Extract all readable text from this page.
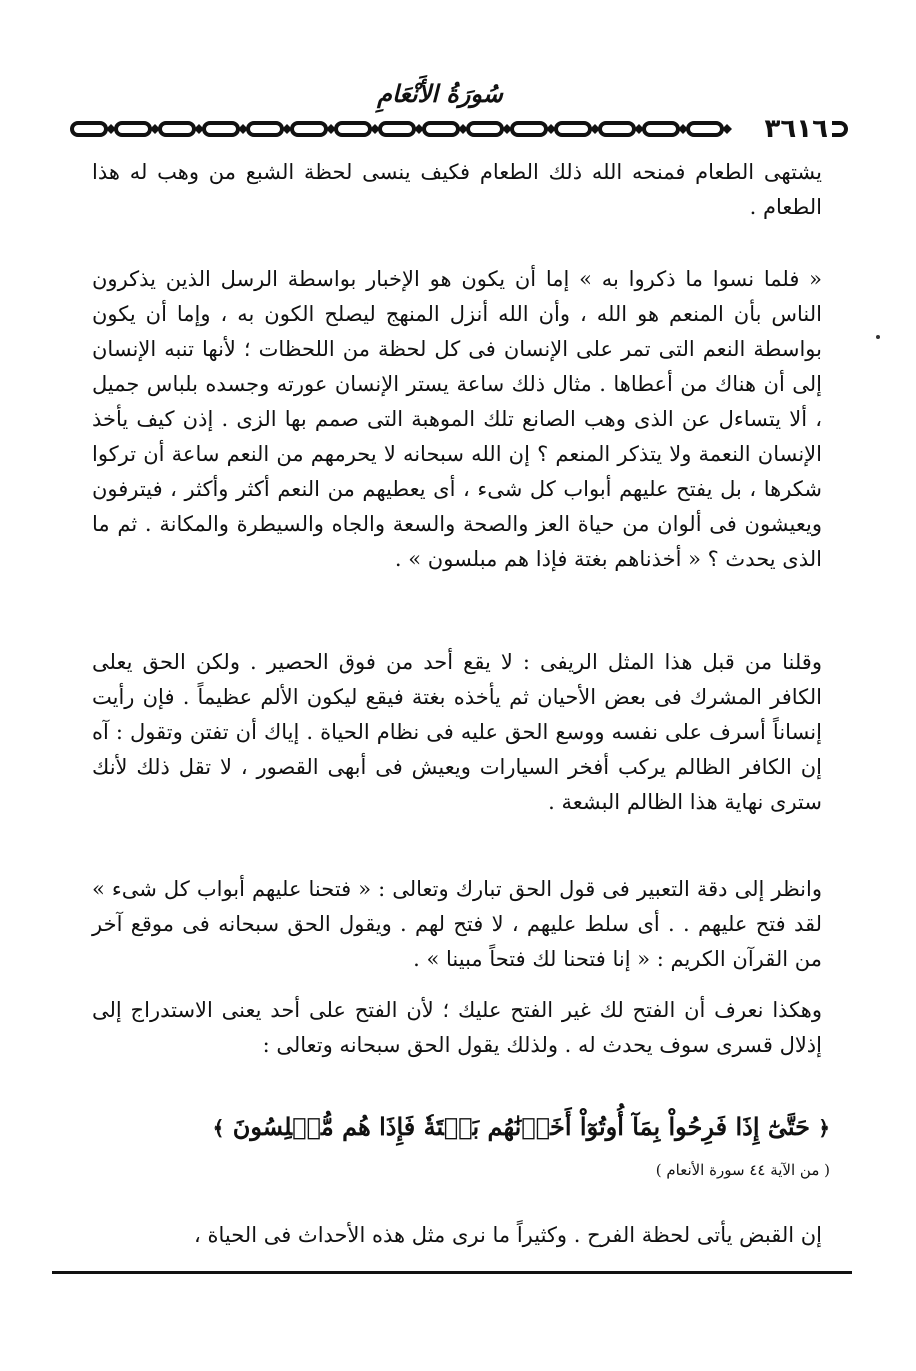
سُورَةُ الأَنْعَامِ
٣٦١٦
يشتهى الطعام فمنحه الله ذلك الطعام فكيف ينسى لحظة الشبع من وهب له هذا الطعام .
« فلما نسوا ما ذكروا به » إما أن يكون هو الإخبار بواسطة الرسل الذين يذكرون الناس بأن المنعم هو الله ، وأن الله أنزل المنهج ليصلح الكون به ، وإما أن يكون بواسطة النعم التى تمر على الإنسان فى كل لحظة من اللحظات ؛ لأنها تنبه الإنسان إلى أن هناك من أعطاها . مثال ذلك ساعة يستر الإنسان عورته وجسده بلباس جميل ، ألا يتساءل عن الذى وهب الصانع تلك الموهبة التى صمم بها الزى . إذن كيف يأخذ الإنسان النعمة ولا يتذكر المنعم ؟ إن الله سبحانه لا يحرمهم من النعم ساعة أن تركوا شكرها ، بل يفتح عليهم أبواب كل شىء ، أى يعطيهم من النعم أكثر وأكثر ، فيترفون ويعيشون فى ألوان من حياة العز والصحة والسعة والجاه والسيطرة والمكانة . ثم ما الذى يحدث ؟ « أخذناهم بغتة فإذا هم مبلسون » .
وقلنا من قبل هذا المثل الريفى : لا يقع أحد من فوق الحصير . ولكن الحق يعلى الكافر المشرك فى بعض الأحيان ثم يأخذه بغتة فيقع ليكون الألم عظيماً . فإن رأيت إنساناً أسرف على نفسه ووسع الحق عليه فى نظام الحياة . إياك أن تفتن وتقول : آه إن الكافر الظالم يركب أفخر السيارات ويعيش فى أبهى القصور ، لا تقل ذلك لأنك سترى نهاية هذا الظالم البشعة .
وانظر إلى دقة التعبير فى قول الحق تبارك وتعالى : « فتحنا عليهم أبواب كل شىء » لقد فتح عليهم . . أى سلط عليهم ، لا فتح لهم . ويقول الحق سبحانه فى موقع آخر من القرآن الكريم : « إنا فتحنا لك فتحاً مبينا » .
وهكذا نعرف أن الفتح لك غير الفتح عليك ؛ لأن الفتح على أحد يعنى الاستدراج إلى إذلال قسرى سوف يحدث له . ولذلك يقول الحق سبحانه وتعالى :
﴿ حَتَّىٰٓ إِذَا فَرِحُواْ بِمَآ أُوتُوٓاْ أَخَذۡنَٰهُم بَغۡتَةٗ فَإِذَا هُم مُّبۡلِسُونَ ﴾
( من الآية ٤٤ سورة الأنعام )
إن القبض يأتى لحظة الفرح . وكثيراً ما نرى مثل هذه الأحداث فى الحياة ،
